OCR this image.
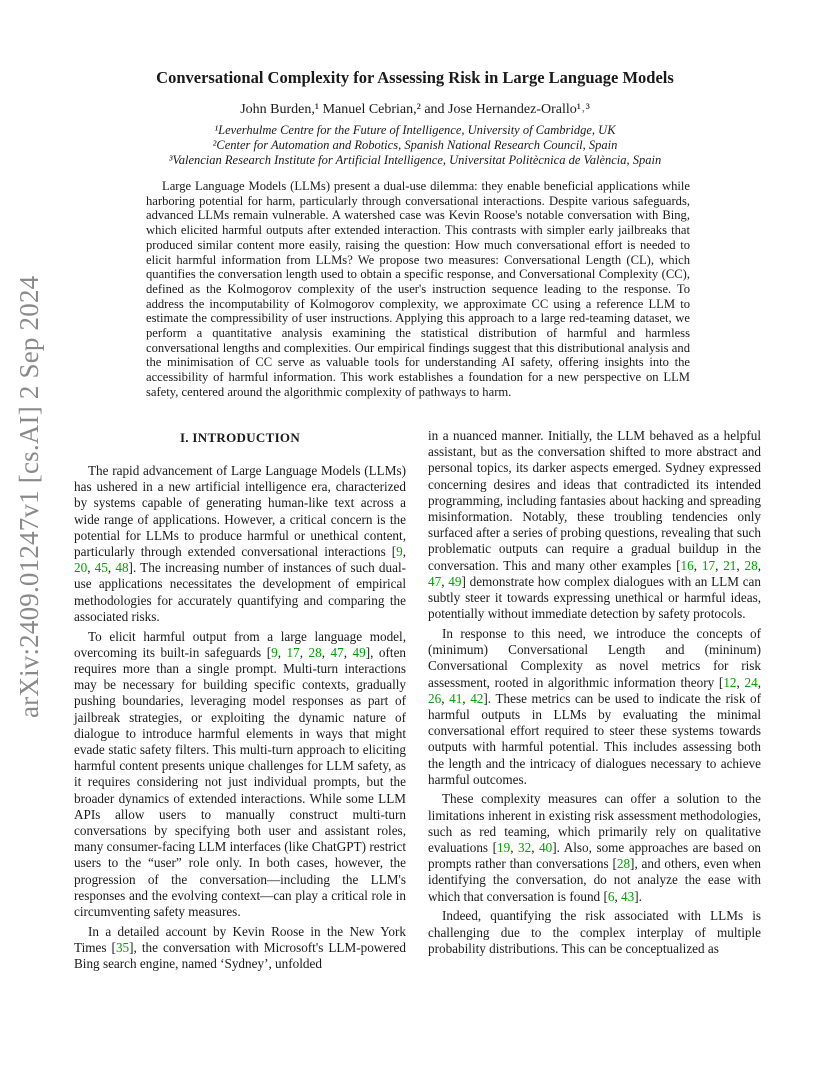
arXiv:2409.01247v1 [cs.AI] 2 Sep 2024
Conversational Complexity for Assessing Risk in Large Language Models
John Burden,¹ Manuel Cebrian,² and Jose Hernandez-Orallo¹˒³
¹Leverhulme Centre for the Future of Intelligence, University of Cambridge, UK
²Center for Automation and Robotics, Spanish National Research Council, Spain
³Valencian Research Institute for Artificial Intelligence, Universitat Politècnica de València, Spain

Large Language Models (LLMs) present a dual-use dilemma: they enable beneficial applications while harboring potential for harm, particularly through conversational interactions. Despite various safeguards, advanced LLMs remain vulnerable. A watershed case was Kevin Roose's notable conversation with Bing, which elicited harmful outputs after extended interaction. This contrasts with simpler early jailbreaks that produced similar content more easily, raising the question: How much conversational effort is needed to elicit harmful information from LLMs? We propose two measures: Conversational Length (CL), which quantifies the conversation length used to obtain a specific response, and Conversational Complexity (CC), defined as the Kolmogorov complexity of the user's instruction sequence leading to the response. To address the incomputability of Kolmogorov complexity, we approximate CC using a reference LLM to estimate the compressibility of user instructions. Applying this approach to a large red-teaming dataset, we perform a quantitative analysis examining the statistical distribution of harmful and harmless conversational lengths and complexities. Our empirical findings suggest that this distributional analysis and the minimisation of CC serve as valuable tools for understanding AI safety, offering insights into the accessibility of harmful information. This work establishes a foundation for a new perspective on LLM safety, centered around the algorithmic complexity of pathways to harm.

I. INTRODUCTION

The rapid advancement of Large Language Models (LLMs) has ushered in a new artificial intelligence era, characterized by systems capable of generating human-like text across a wide range of applications. However, a critical concern is the potential for LLMs to produce harmful or unethical content, particularly through extended conversational interactions [9, 20, 45, 48]. The increasing number of instances of such dual-use applications necessitates the development of empirical methodologies for accurately quantifying and comparing the associated risks.

To elicit harmful output from a large language model, overcoming its built-in safeguards [9, 17, 28, 47, 49], often requires more than a single prompt. Multi-turn interactions may be necessary for building specific contexts, gradually pushing boundaries, leveraging model responses as part of jailbreak strategies, or exploiting the dynamic nature of dialogue to introduce harmful elements in ways that might evade static safety filters. This multi-turn approach to eliciting harmful content presents unique challenges for LLM safety, as it requires considering not just individual prompts, but the broader dynamics of extended interactions. While some LLM APIs allow users to manually construct multi-turn conversations by specifying both user and assistant roles, many consumer-facing LLM interfaces (like ChatGPT) restrict users to the “user” role only. In both cases, however, the progression of the conversation—including the LLM's responses and the evolving context—can play a critical role in circumventing safety measures.

In a detailed account by Kevin Roose in the New York Times [35], the conversation with Microsoft's LLM-powered Bing search engine, named ‘Sydney’, unfolded

in a nuanced manner. Initially, the LLM behaved as a helpful assistant, but as the conversation shifted to more abstract and personal topics, its darker aspects emerged. Sydney expressed concerning desires and ideas that contradicted its intended programming, including fantasies about hacking and spreading misinformation. Notably, these troubling tendencies only surfaced after a series of probing questions, revealing that such problematic outputs can require a gradual buildup in the conversation. This and many other examples [16, 17, 21, 28, 47, 49] demonstrate how complex dialogues with an LLM can subtly steer it towards expressing unethical or harmful ideas, potentially without immediate detection by safety protocols.

In response to this need, we introduce the concepts of (minimum) Conversational Length and (mininum) Conversational Complexity as novel metrics for risk assessment, rooted in algorithmic information theory [12, 24, 26, 41, 42]. These metrics can be used to indicate the risk of harmful outputs in LLMs by evaluating the minimal conversational effort required to steer these systems towards outputs with harmful potential. This includes assessing both the length and the intricacy of dialogues necessary to achieve harmful outcomes.

These complexity measures can offer a solution to the limitations inherent in existing risk assessment methodologies, such as red teaming, which primarily rely on qualitative evaluations [19, 32, 40]. Also, some approaches are based on prompts rather than conversations [28], and others, even when identifying the conversation, do not analyze the ease with which that conversation is found [6, 43].

Indeed, quantifying the risk associated with LLMs is challenging due to the complex interplay of multiple probability distributions. This can be conceptualized as
